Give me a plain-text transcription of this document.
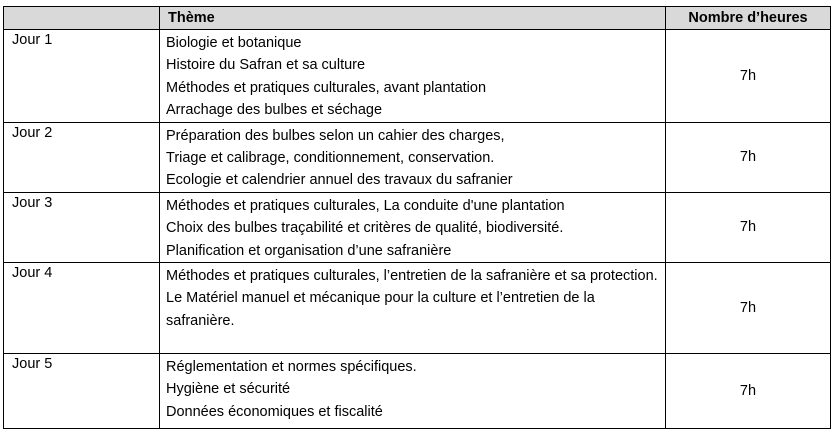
	Thème	Nombre d’heures
Jour 1	Biologie et botanique
Histoire du Safran et sa culture
Méthodes et pratiques culturales, avant plantation
Arrachage des bulbes et séchage	7h
Jour 2	Préparation des bulbes selon un cahier des charges,
Triage et calibrage, conditionnement, conservation.
Ecologie et calendrier annuel des travaux du safranier	7h
Jour 3	Méthodes et pratiques culturales, La conduite d'une plantation
Choix des bulbes traçabilité et critères de qualité, biodiversité.
Planification et organisation d’une safranière	7h
Jour 4	Méthodes et pratiques culturales, l’entretien de la safranière et sa protection.
Le Matériel manuel et mécanique pour la culture et l’entretien de la safranière.	7h
Jour 5	Réglementation et normes spécifiques.
Hygiène et sécurité
Données économiques et fiscalité	7h
